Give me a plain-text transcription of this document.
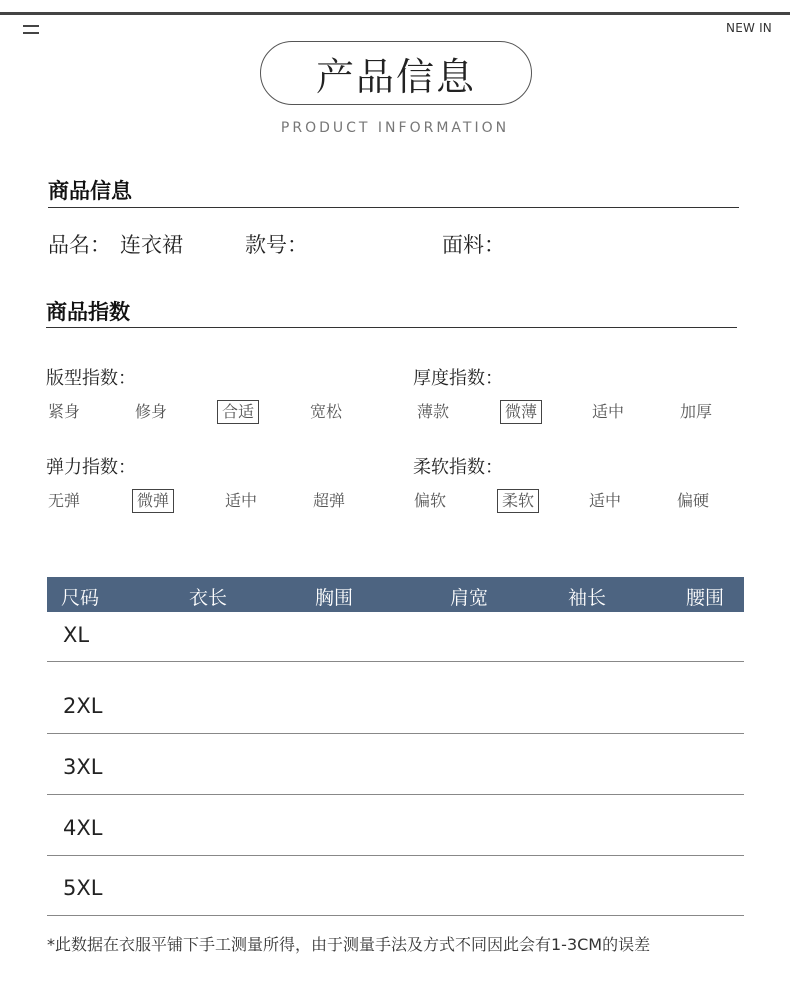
NEW IN
产品信息
PRODUCT INFORMATION
商品信息
品名： 连衣裙	款号：	面料：
商品指数
版型指数：
紧身	修身	合适	宽松
厚度指数：
薄款	微薄	适中	加厚
弹力指数：
无弹	微弹	适中	超弹
柔软指数：
偏软	柔软	适中	偏硬
尺码	衣长	胸围	肩宽	袖长	腰围
XL
2XL
3XL
4XL
5XL
*此数据在衣服平铺下手工测量所得，由于测量手法及方式不同因此会有1-3CM的误差
